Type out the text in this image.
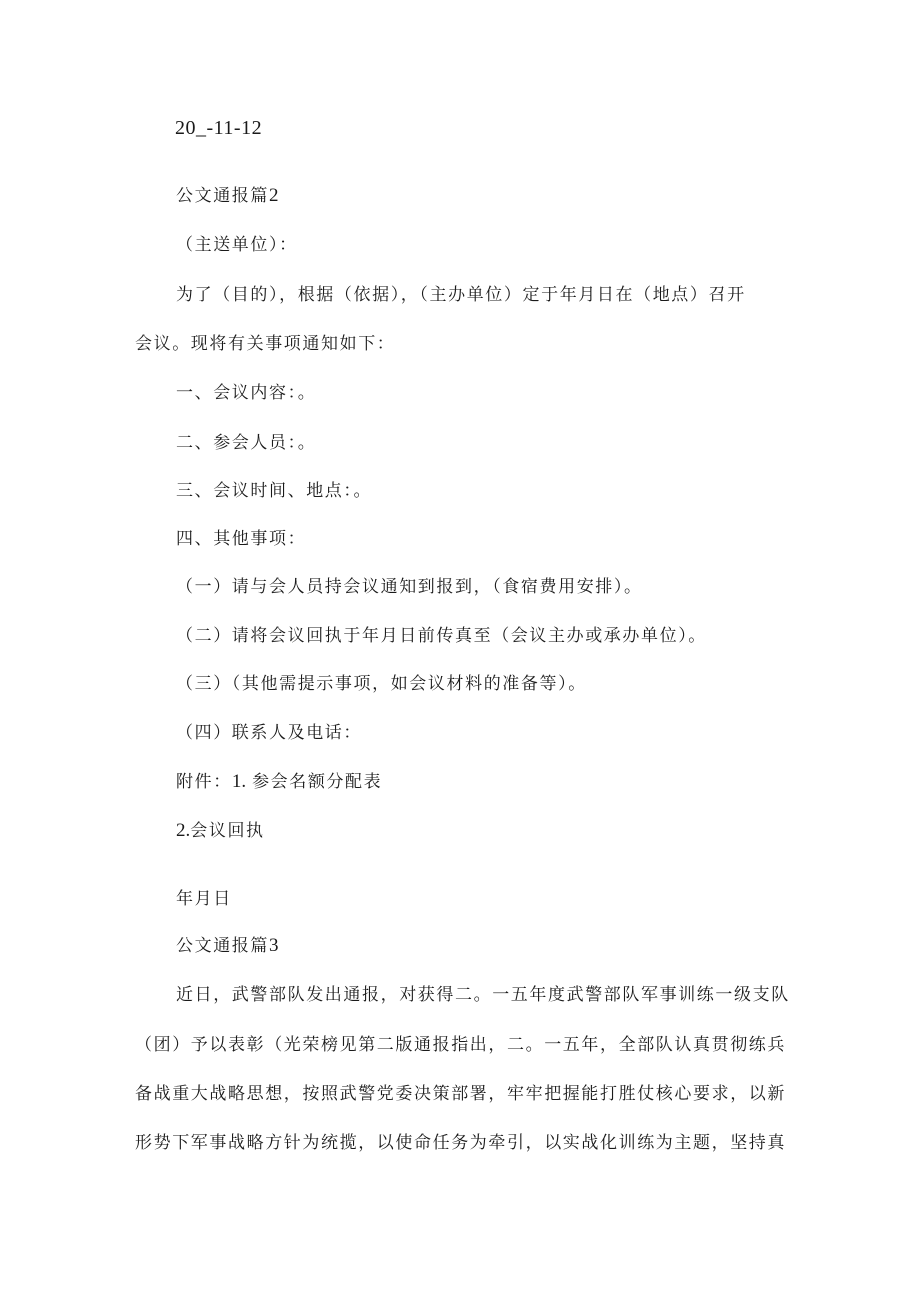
20_-11-12
公文通报篇2
（主送单位）：
为了（目的），根据（依据），（主办单位）定于年月日在（地点）召开
会议。现将有关事项通知如下：
一、会议内容：。
二、参会人员：。
三、会议时间、地点：。
四、其他事项：
（一）请与会人员持会议通知到报到，（食宿费用安排）。
（二）请将会议回执于年月日前传真至（会议主办或承办单位）。
（三）（其他需提示事项，如会议材料的准备等）。
（四）联系人及电话：
附件：1. 参会名额分配表
2.会议回执
年月日
公文通报篇3
近日，武警部队发出通报，对获得二。一五年度武警部队军事训练一级支队
（团）予以表彰（光荣榜见第二版通报指出，二。一五年，全部队认真贯彻练兵
备战重大战略思想，按照武警党委决策部署，牢牢把握能打胜仗核心要求，以新
形势下军事战略方针为统揽，以使命任务为牵引，以实战化训练为主题，坚持真
